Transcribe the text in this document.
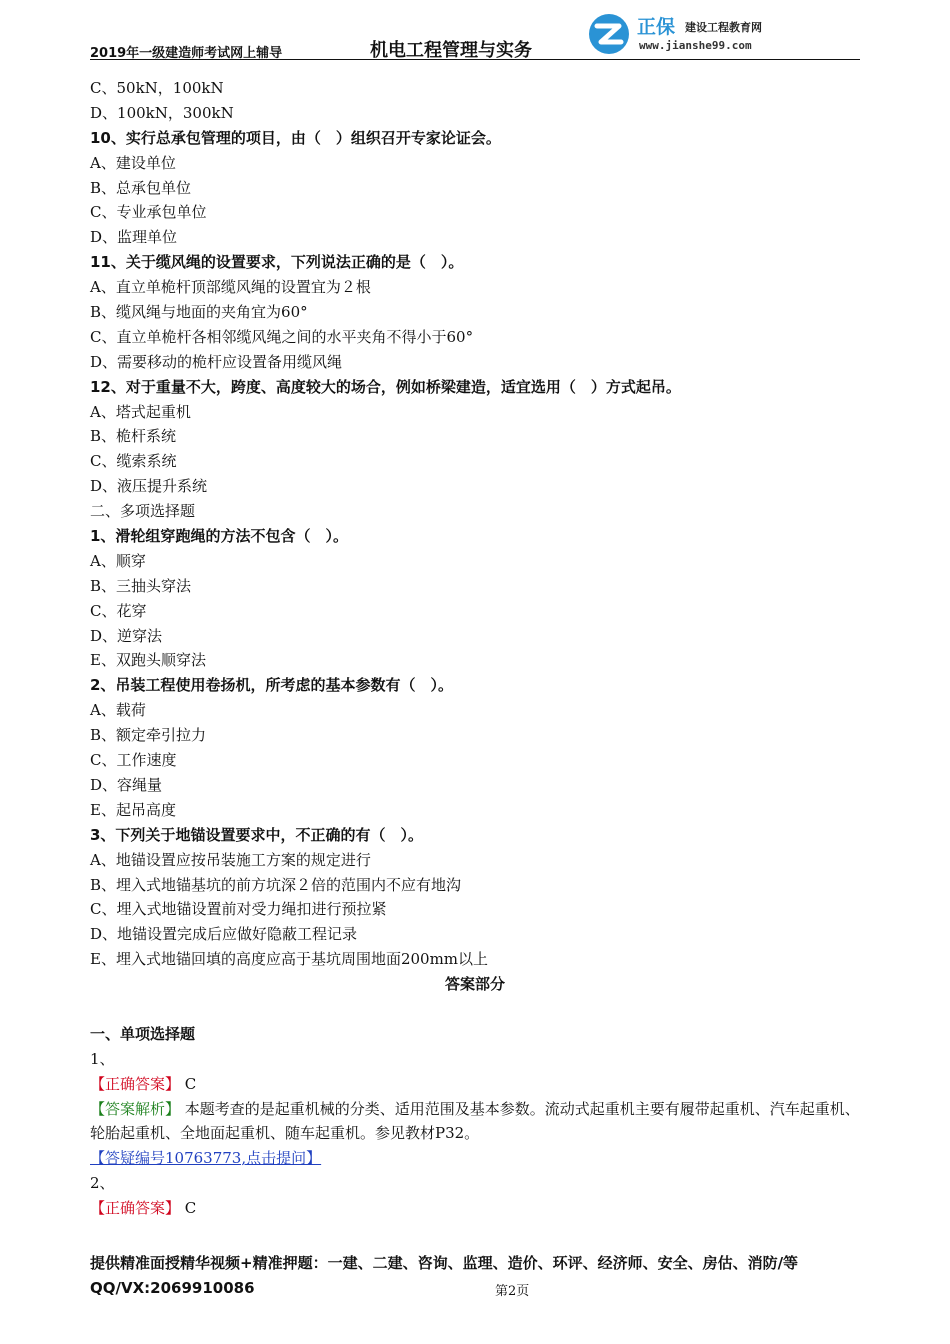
2019年一级建造师考试网上辅导	机电工程管理与实务
正保 建设工程教育网
www.jianshe99.com
C、50kN，100kN
D、100kN，300kN
10、实行总承包管理的项目，由（　）组织召开专家论证会。
A、建设单位
B、总承包单位
C、专业承包单位
D、监理单位
11、关于缆风绳的设置要求，下列说法正确的是（　）。
A、直立单桅杆顶部缆风绳的设置宜为２根
B、缆风绳与地面的夹角宜为60°
C、直立单桅杆各相邻缆风绳之间的水平夹角不得小于60°
D、需要移动的桅杆应设置备用缆风绳
12、对于重量不大，跨度、高度较大的场合，例如桥梁建造，适宜选用（　）方式起吊。
A、塔式起重机
B、桅杆系统
C、缆索系统
D、液压提升系统
二、多项选择题
1、滑轮组穿跑绳的方法不包含（　）。
A、顺穿
B、三抽头穿法
C、花穿
D、逆穿法
E、双跑头顺穿法
2、吊装工程使用卷扬机，所考虑的基本参数有（　）。
A、载荷
B、额定牵引拉力
C、工作速度
D、容绳量
E、起吊高度
3、下列关于地锚设置要求中，不正确的有（　）。
A、地锚设置应按吊装施工方案的规定进行
B、埋入式地锚基坑的前方坑深２倍的范围内不应有地沟
C、埋入式地锚设置前对受力绳扣进行预拉紧
D、地锚设置完成后应做好隐蔽工程记录
E、埋入式地锚回填的高度应高于基坑周围地面200mm以上
答案部分
一、单项选择题
1、
【正确答案】 C
【答案解析】 本题考查的是起重机械的分类、适用范围及基本参数。流动式起重机主要有履带起重机、汽车起重机、轮胎起重机、全地面起重机、随车起重机。参见教材P32。
【答疑编号10763773,点击提问】
2、
【正确答案】 C
提供精准面授精华视频+精准押题：一建、二建、咨询、监理、造价、环评、经济师、安全、房估、消防/等
QQ/VX:2069910086	第2页
